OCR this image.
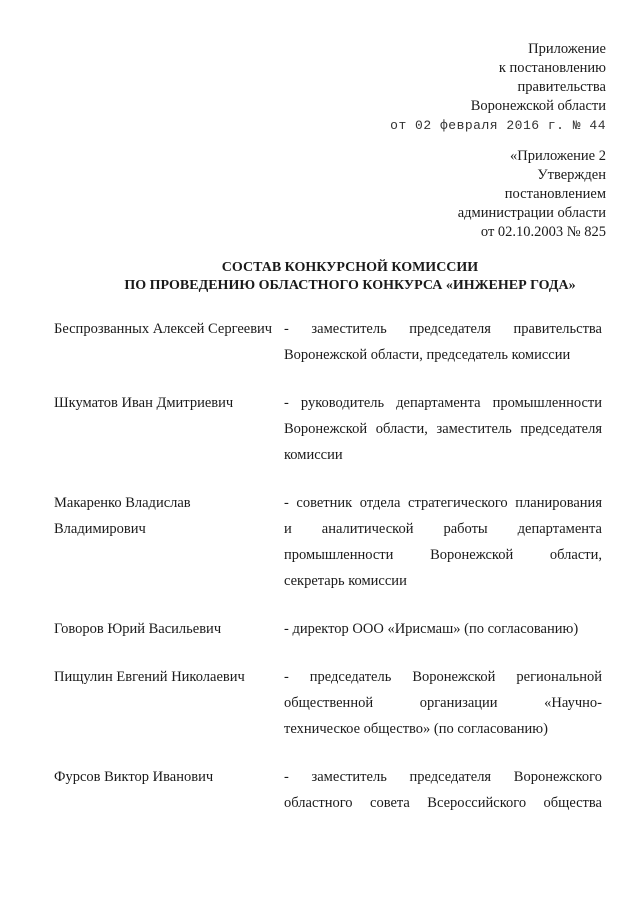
Приложение
к постановлению
правительства
Воронежской области
от 02 февраля 2016 г. № 44
«Приложение 2
Утвержден
постановлением
администрации области
от 02.10.2003 № 825
СОСТАВ КОНКУРСНОЙ КОМИССИИ
ПО ПРОВЕДЕНИЮ ОБЛАСТНОГО КОНКУРСА «ИНЖЕНЕР ГОДА»
Беспрозванных Алексей Сергеевич - заместитель председателя правительства
Воронежской области, председатель комиссии
Шкуматов Иван Дмитриевич	- руководитель департамента промышленности
Воронежской области, заместитель председателя
комиссии
Макаренко Владислав
Владимирович
- советник отдела стратегического планирования
и аналитической работы департамента
промышленности Воронежской области,
секретарь комиссии
Говоров Юрий Васильевич	- директор ООО «Ирисмаш» (по согласованию)
Пищулин Евгений Николаевич	- председатель Воронежской региональной
общественной организации «Научно-
техническое общество» (по согласованию)
Фурсов Виктор Иванович	- заместитель председателя Воронежского
областного совета Всероссийского общества
